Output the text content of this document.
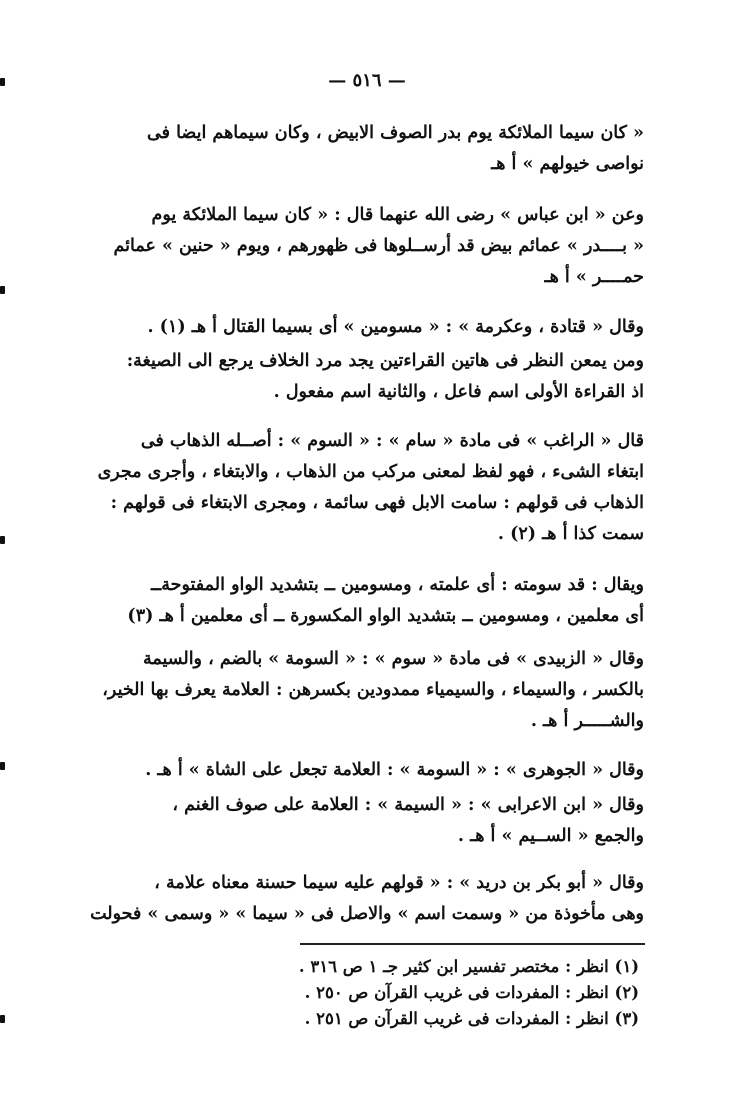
— ٥١٦ —
« كان سيما الملائكة يوم بدر الصوف الابيض ، وكان سيماهم ايضا فى
نواصى خيولهم » أ هـ
وعن « ابن عباس » رضى الله عنهما قال : « كان سيما الملائكة يوم
« بــــدر » عمائم بيض قد أرســلوها فى ظهورهم ، ويوم « حنين » عمائم
حمــــر » أ هـ
وقال « قتادة ، وعكرمة » : « مسومين » أى بسيما القتال أ هـ (١) .
ومن يمعن النظر فى هاتين القراءتين يجد مرد الخلاف يرجع الى الصيغة:
اذ القراءة الأولى اسم فاعل ، والثانية اسم مفعول .
قال « الراغب » فى مادة « سام » : « السوم » : أصــله الذهاب فى
ابتغاء الشىء ، فهو لفظ لمعنى مركب من الذهاب ، والابتغاء ، وأجرى مجرى
الذهاب فى قولهم : سامت الابل فهى سائمة ، ومجرى الابتغاء فى قولهم :
سمت كذا أ هـ (٢) .
ويقال : قد سومته : أى علمته ، ومسومين ــ بتشديد الواو المفتوحةــ
أى معلمين ، ومسومين ــ بتشديد الواو المكسورة ــ أى معلمين أ هـ (٣)
وقال « الزبيدى » فى مادة « سوم » : « السومة » بالضم ، والسيمة
بالكسر ، والسيماء ، والسيمياء ممدودين بكسرهن : العلامة يعرف بها الخير،
والشـــــر أ هـ .
وقال « الجوهرى » : « السومة » : العلامة تجعل على الشاة » أ هـ .
وقال « ابن الاعرابى » : « السيمة » : العلامة على صوف الغنم ،
والجمع « الســيم » أ هـ .
وقال « أبو بكر بن دريد » : « قولهم عليه سيما حسنة معناه علامة ،
وهى مأخوذة من « وسمت اسم » والاصل فى « سيما » « وسمى » فحولت
(١) انظر : مختصر تفسير ابن كثير جـ ١ ص ٣١٦ .
(٢) انظر : المفردات فى غريب القرآن ص ٢٥٠ .
(٣) انظر : المفردات فى غريب القرآن ص ٢٥١ .
